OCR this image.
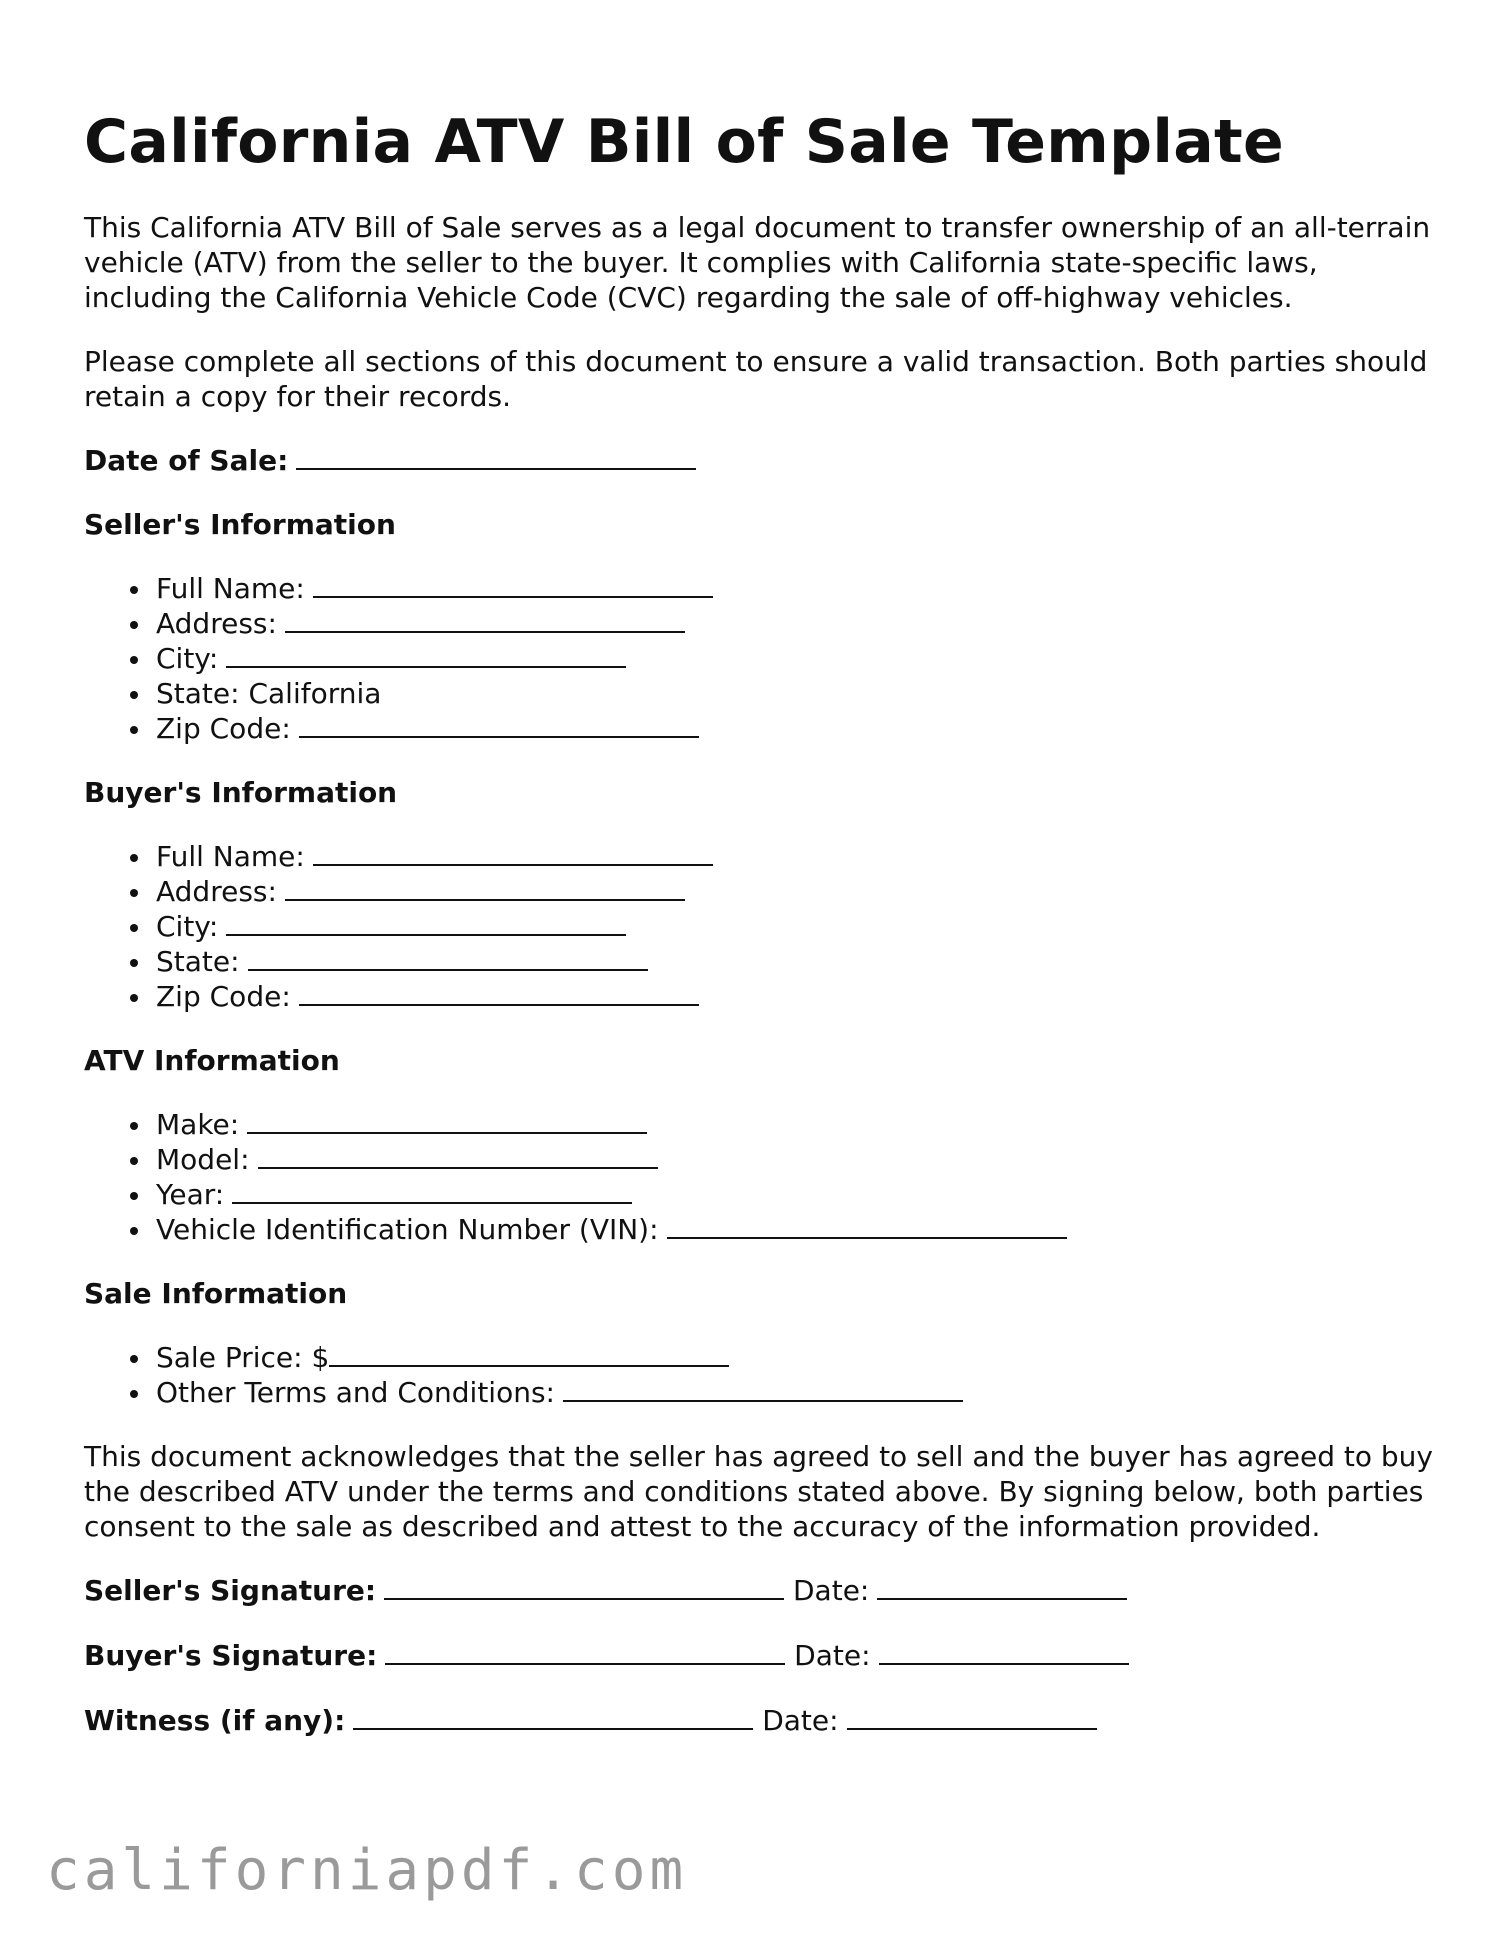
California ATV Bill of Sale Template

This California ATV Bill of Sale serves as a legal document to transfer ownership of an all-terrain vehicle (ATV) from the seller to the buyer. It complies with California state-specific laws, including the California Vehicle Code (CVC) regarding the sale of off-highway vehicles.

Please complete all sections of this document to ensure a valid transaction. Both parties should retain a copy for their records.

Date of Sale:
Seller's Information
Full Name:
Address:
City:
State: California
Zip Code:
Buyer's Information
Full Name:
Address:
City:
State:
Zip Code:
ATV Information
Make:
Model:
Year:
Vehicle Identification Number (VIN):
Sale Information
Sale Price: $
Other Terms and Conditions:

This document acknowledges that the seller has agreed to sell and the buyer has agreed to buy the described ATV under the terms and conditions stated above. By signing below, both parties consent to the sale as described and attest to the accuracy of the information provided.

Seller's Signature:	Date:
Buyer's Signature:	Date:
Witness (if any):	Date:
californiapdf.com
